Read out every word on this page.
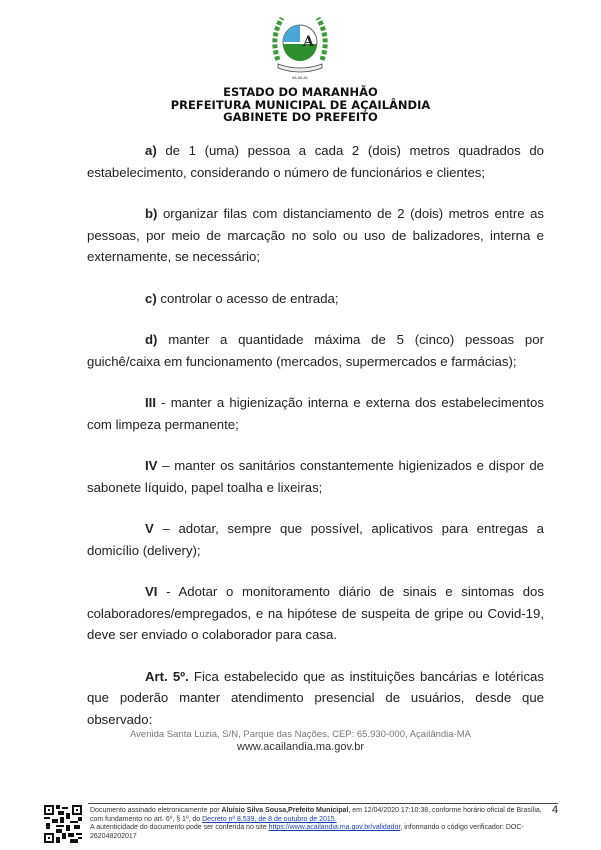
A
06-06-81
ESTADO DO MARANHÃO
PREFEITURA MUNICIPAL DE AÇAILÂNDIA
GABINETE DO PREFEITO

a) de 1 (uma) pessoa a cada 2 (dois) metros quadrados do estabelecimento, considerando o número de funcionários e clientes;

b) organizar filas com distanciamento de 2 (dois) metros entre as pessoas, por meio de marcação no solo ou uso de balizadores, interna e externamente, se necessário;

c) controlar o acesso de entrada;

d) manter a quantidade máxima de 5 (cinco) pessoas por guichê/caixa em funcionamento (mercados, supermercados e farmácias);

III - manter a higienização interna e externa dos estabelecimentos com limpeza permanente;

IV – manter os sanitários constantemente higienizados e dispor de sabonete líquido, papel toalha e lixeiras;

V – adotar, sempre que possível, aplicativos para entregas a domicílio (delivery);

VI - Adotar o monitoramento diário de sinais e sintomas dos colaboradores/empregados, e na hipótese de suspeita de gripe ou Covid-19, deve ser enviado o colaborador para casa.

Art. 5º. Fica estabelecido que as instituições bancárias e lotéricas que poderão manter atendimento presencial de usuários, desde que observado:

Avenida Santa Luzia, S/N, Parque das Nações, CEP: 65.930-000, Açailândia-MA
www.acailandia.ma.gov.br
Documento assinado eletronicamente por Aluísio Silva Sousa,Prefeito Municipal, em 12/04/2020 17:10:38, conforme horário oficial de Brasília, com fundamento no art. 6º, § 1º, do Decreto nº 8.539, de 8 de outubro de 2015.
A autenticidade do documento pode ser conferida no site https://www.acailandia.ma.gov.br/validador, informando o código verificador: DOC-262048202017
4
